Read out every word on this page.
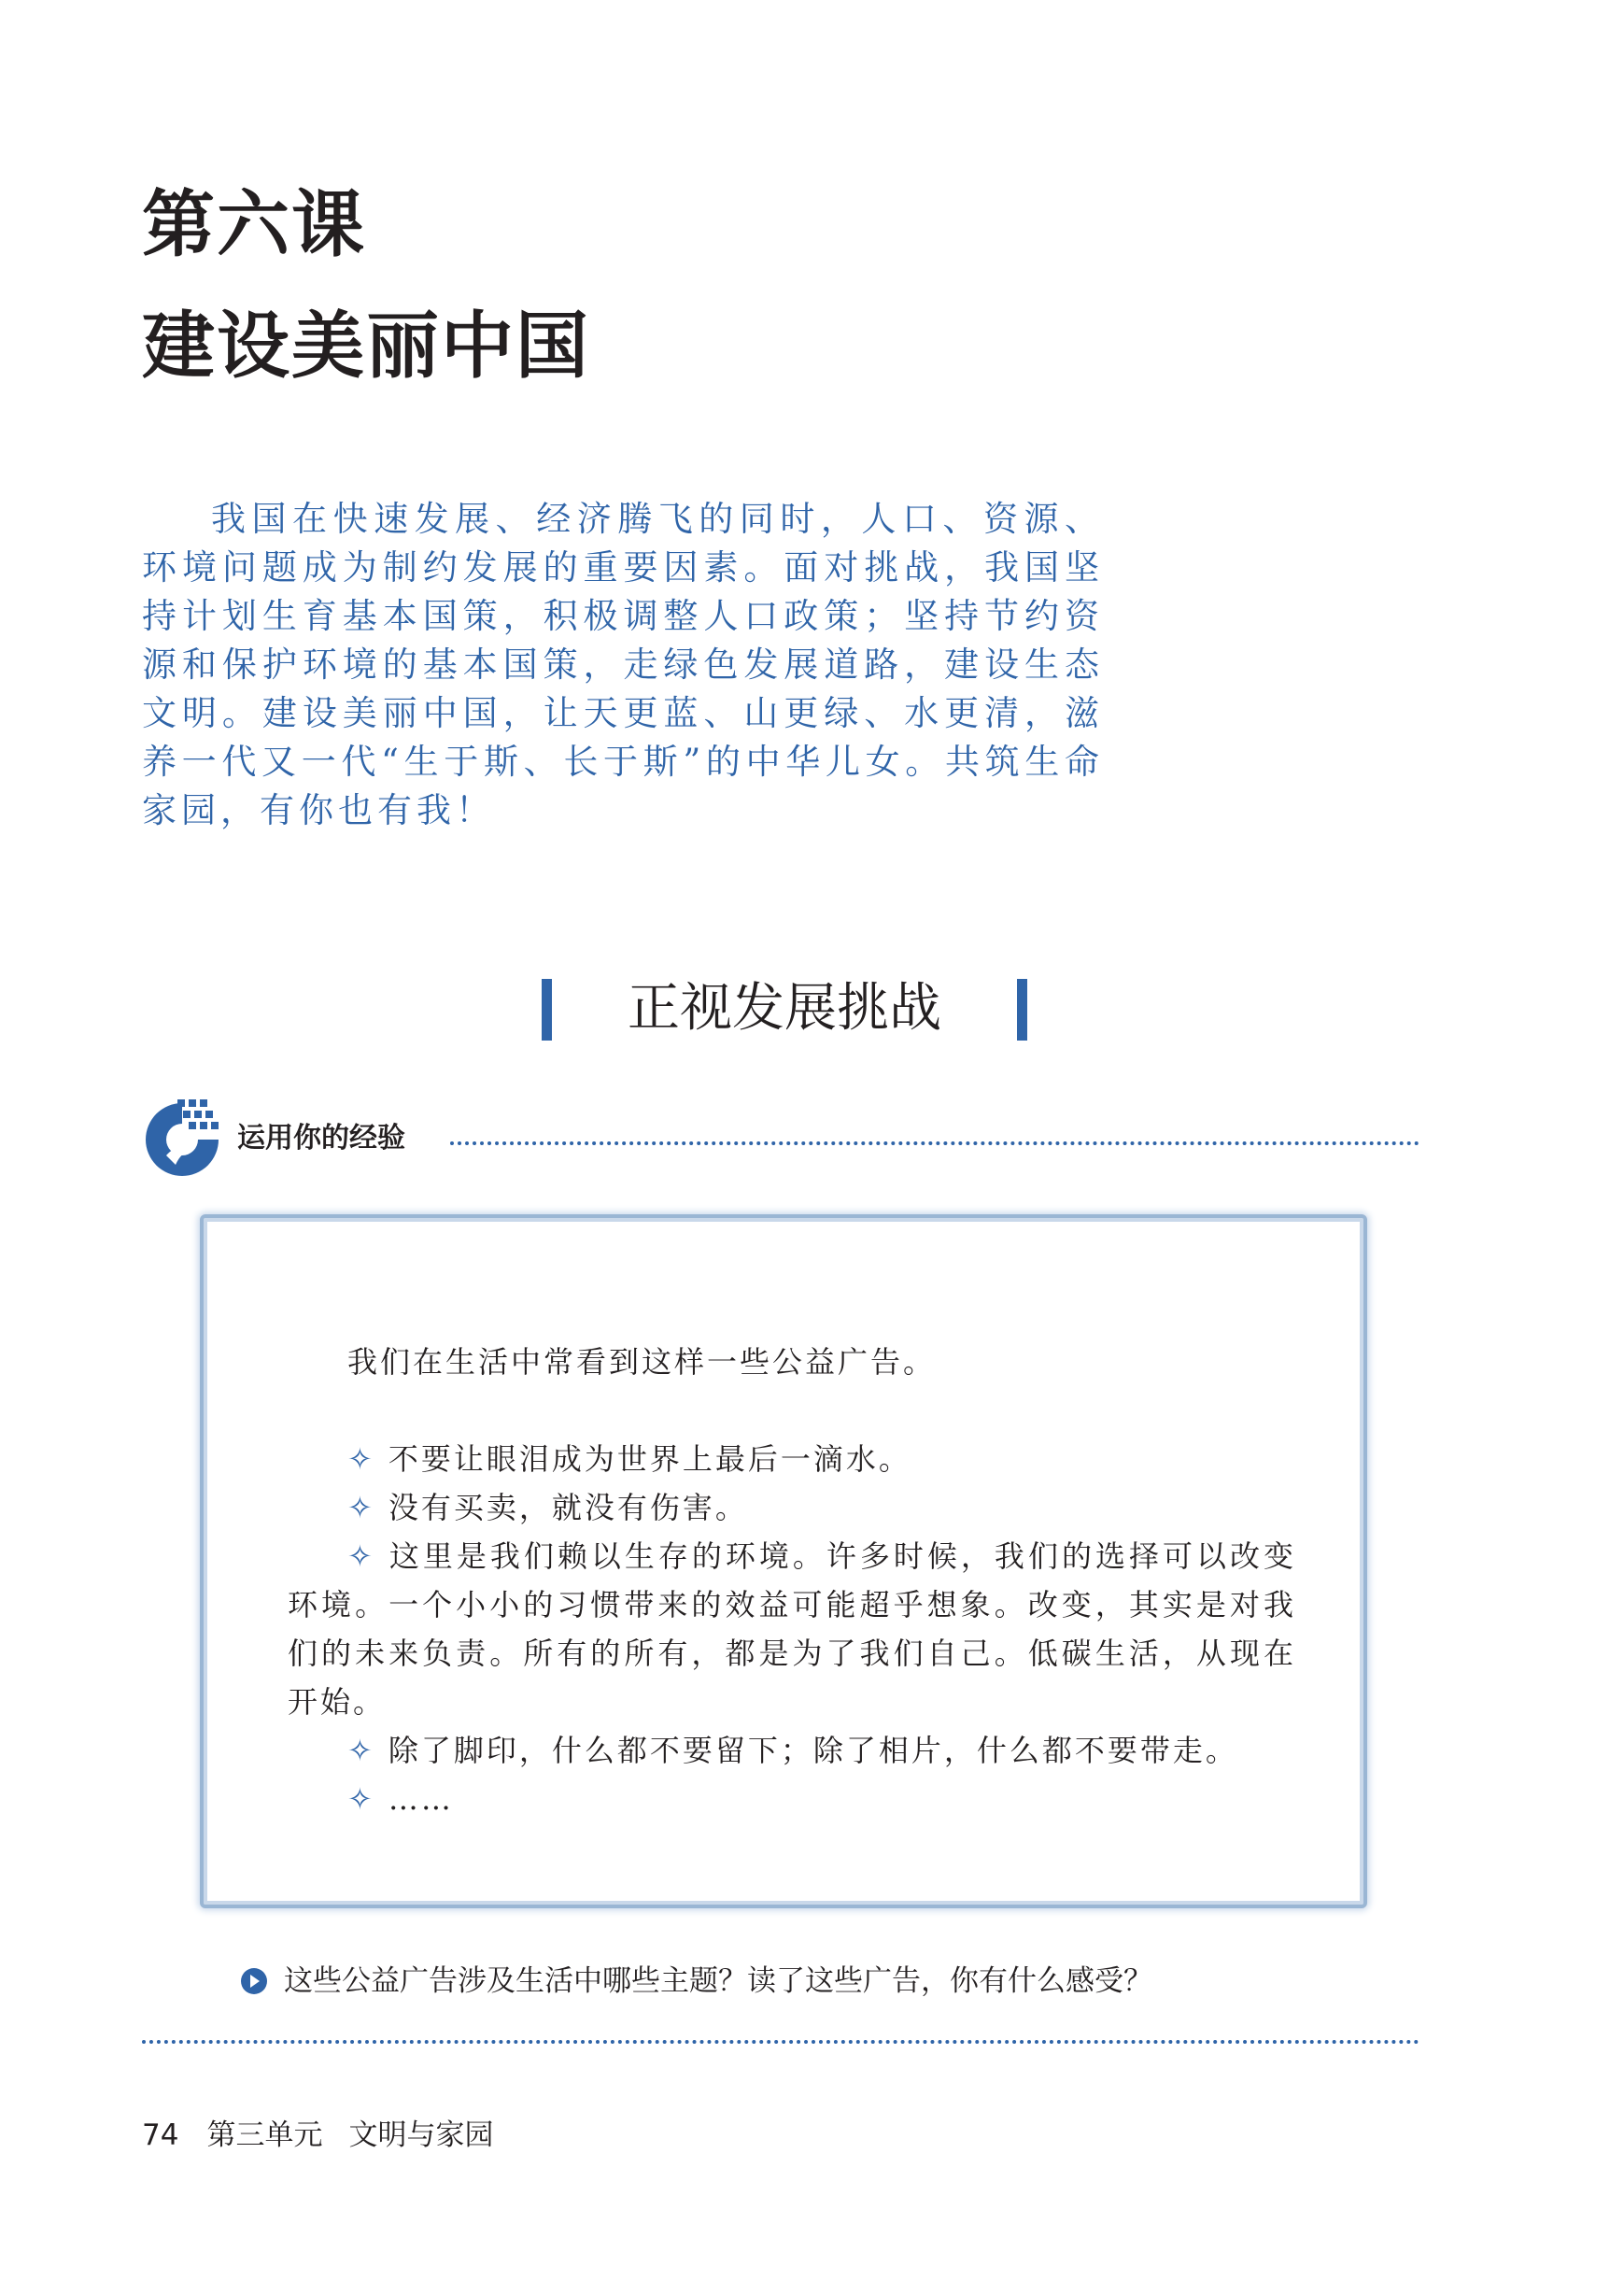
第六课
建设美丽中国

我国在快速发展、经济腾飞的同时，人口、资源、环境问题成为制约发展的重要因素。面对挑战，我国坚持计划生育基本国策，积极调整人口政策；坚持节约资源和保护环境的基本国策，走绿色发展道路，建设生态文明。建设美丽中国，让天更蓝、山更绿、水更清，滋养一代又一代“生于斯、长于斯”的中华儿女。共筑生命家园，有你也有我！

正视发展挑战
运用你的经验

我们在生活中常看到这样一些公益广告。

✧ 不要让眼泪成为世界上最后一滴水。

✧ 没有买卖，就没有伤害。

✧ 这里是我们赖以生存的环境。许多时候，我们的选择可以改变环境。一个小小的习惯带来的效益可能超乎想象。改变，其实是对我们的未来负责。所有的所有，都是为了我们自己。低碳生活，从现在开始。

✧ 除了脚印，什么都不要留下；除了相片，什么都不要带走。

✧ ……

这些公益广告涉及生活中哪些主题？读了这些广告，你有什么感受？
74 第三单元 文明与家园
